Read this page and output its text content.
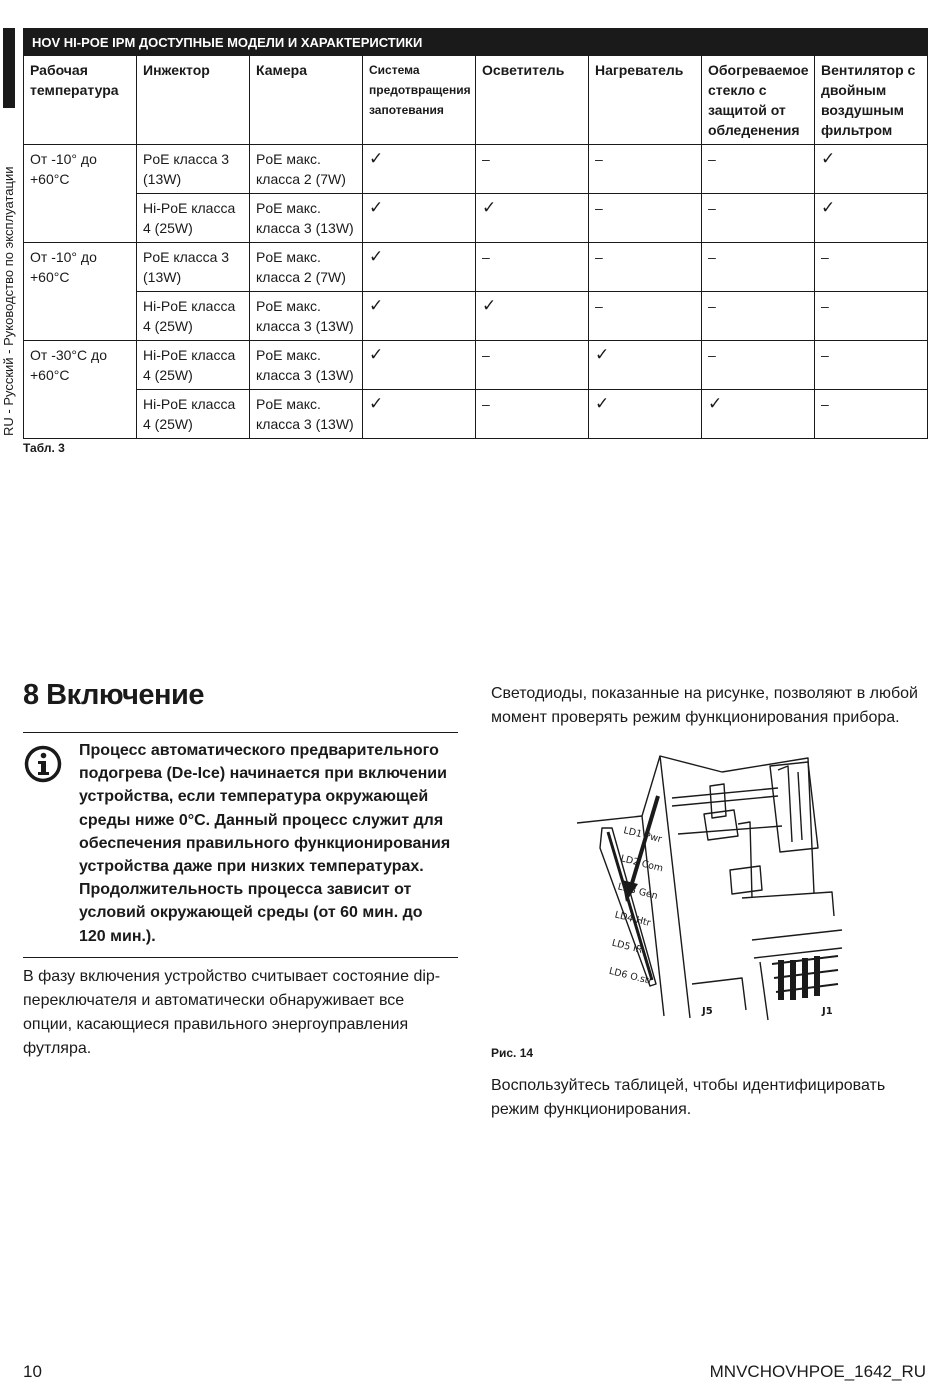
RU - Русский - Руководство по эксплуатации
HOV HI-POE IPM ДОСТУПНЫЕ МОДЕЛИ И ХАРАКТЕРИСТИКИ							
Рабочая температура	Инжектор	Камера	Система предотвращения запотевания	Осветитель	Нагреватель	Обогреваемое стекло с защитой от обледенения	Вентилятор с двойным воздушным фильтром
От -10° до +60°C	PoE класса 3 (13W)	PoE макс. класса 2 (7W)	✓	–	–	–	✓
	Hi-PoE класса 4 (25W)	PoE макс. класса 3 (13W)	✓	✓	–	–	✓
От -10° до +60°C	PoE класса 3 (13W)	PoE макс. класса 2 (7W)	✓	–	–	–	–
	Hi-PoE класса 4 (25W)	PoE макс. класса 3 (13W)	✓	✓	–	–	–
От -30°C до +60°C	Hi-PoE класса 4 (25W)	PoE макс. класса 3 (13W)	✓	–	✓	–	–
	Hi-PoE класса 4 (25W)	PoE макс. класса 3 (13W)	✓	–	✓	✓	–
Табл. 3
8 Включение
Процесс автоматического предварительного подогрева (De-Ice) начинается при включении устройства, если температура окружающей среды ниже 0°C. Данный процесс служит для обеспечения правильного функционирования устройства даже при низких температурах. Продолжительность процесса зависит от условий окружающей среды (от 60 мин. до 120 мин.).
В фазу включения устройство считывает состояние dip-переключателя и автоматически обнаруживает все опции, касающиеся правильного энергоуправления футляра.
Светодиоды, показанные на рисунке, позволяют в любой момент проверять режим функционирования прибора.
LD1 Pwr
LD2 Com
LD3 Gen
LD4 Htr
LD5 IR
LD6 O.str
J5	J1
Рис. 14
Воспользуйтесь таблицей, чтобы идентифицировать режим функционирования.
10	MNVCHOVHPOE_1642_RU
